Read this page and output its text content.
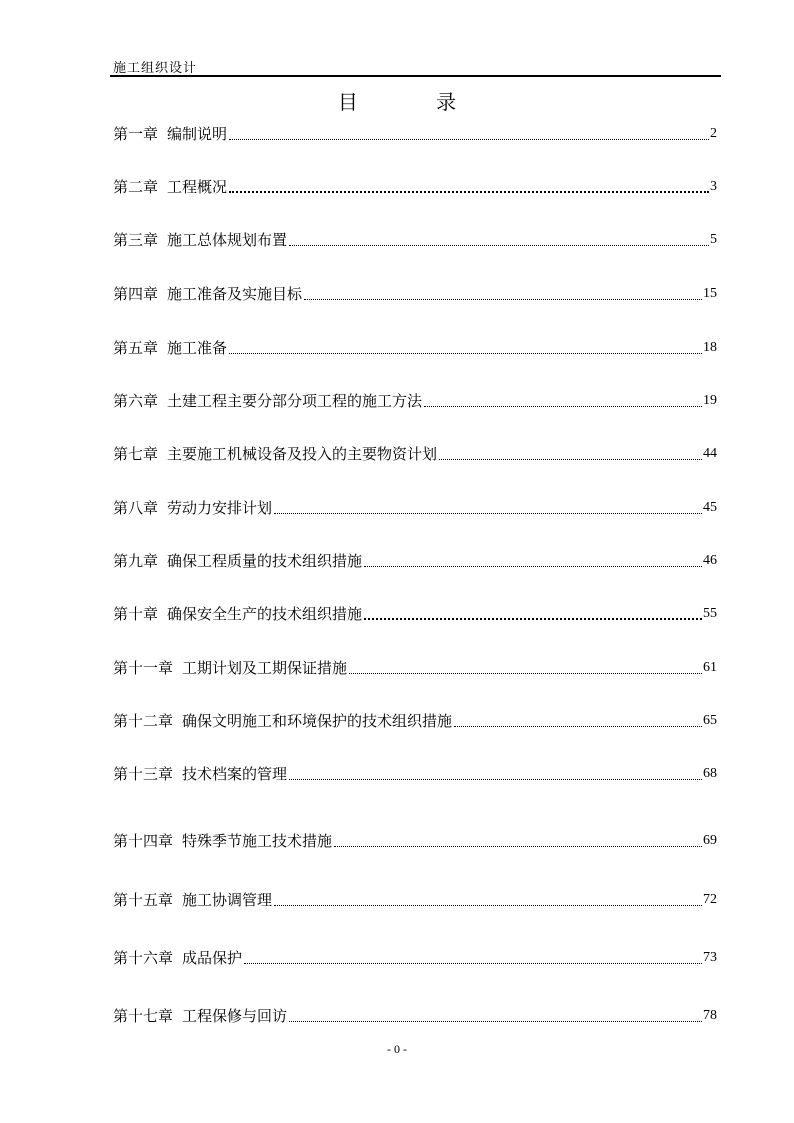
施工组织设计
目 录
第一章 编制说明	2
第二章 工程概况	3
第三章 施工总体规划布置	5
第四章 施工准备及实施目标	15
第五章 施工准备	18
第六章 土建工程主要分部分项工程的施工方法	19
第七章 主要施工机械设备及投入的主要物资计划	44
第八章 劳动力安排计划	45
第九章 确保工程质量的技术组织措施	46
第十章 确保安全生产的技术组织措施	55
第十一章 工期计划及工期保证措施	61
第十二章 确保文明施工和环境保护的技术组织措施	65
第十三章 技术档案的管理	68
第十四章 特殊季节施工技术措施	69
第十五章 施工协调管理	72
第十六章 成品保护	73
第十七章 工程保修与回访	78
- 0 -
